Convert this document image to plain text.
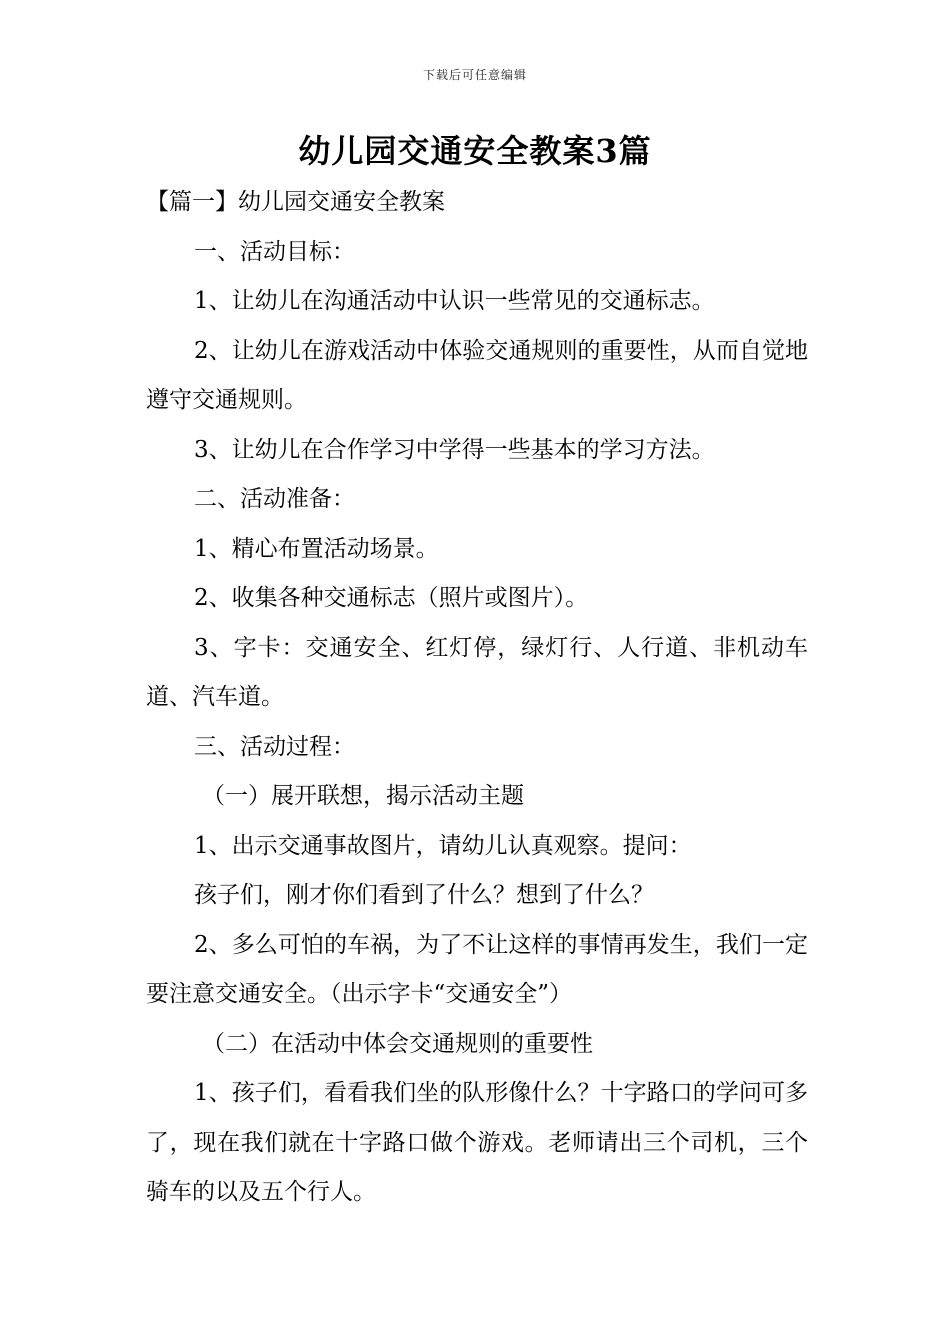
下载后可任意编辑
幼儿园交通安全教案3篇

【篇一】幼儿园交通安全教案

一、活动目标：

1、让幼儿在沟通活动中认识一些常见的交通标志。

2、让幼儿在游戏活动中体验交通规则的重要性，从而自觉地遵守交通规则。

3、让幼儿在合作学习中学得一些基本的学习方法。

二、活动准备：

1、精心布置活动场景。

2、收集各种交通标志（照片或图片）。

3、字卡：交通安全、红灯停，绿灯行、人行道、非机动车道、汽车道。

三、活动过程：

（一）展开联想，揭示活动主题

1、出示交通事故图片，请幼儿认真观察。提问：

孩子们，刚才你们看到了什么？想到了什么？

2、多么可怕的车祸，为了不让这样的事情再发生，我们一定要注意交通安全。（出示字卡“交通安全”）

（二）在活动中体会交通规则的重要性

1、孩子们，看看我们坐的队形像什么？十字路口的学问可多了，现在我们就在十字路口做个游戏。老师请出三个司机，三个骑车的以及五个行人。
